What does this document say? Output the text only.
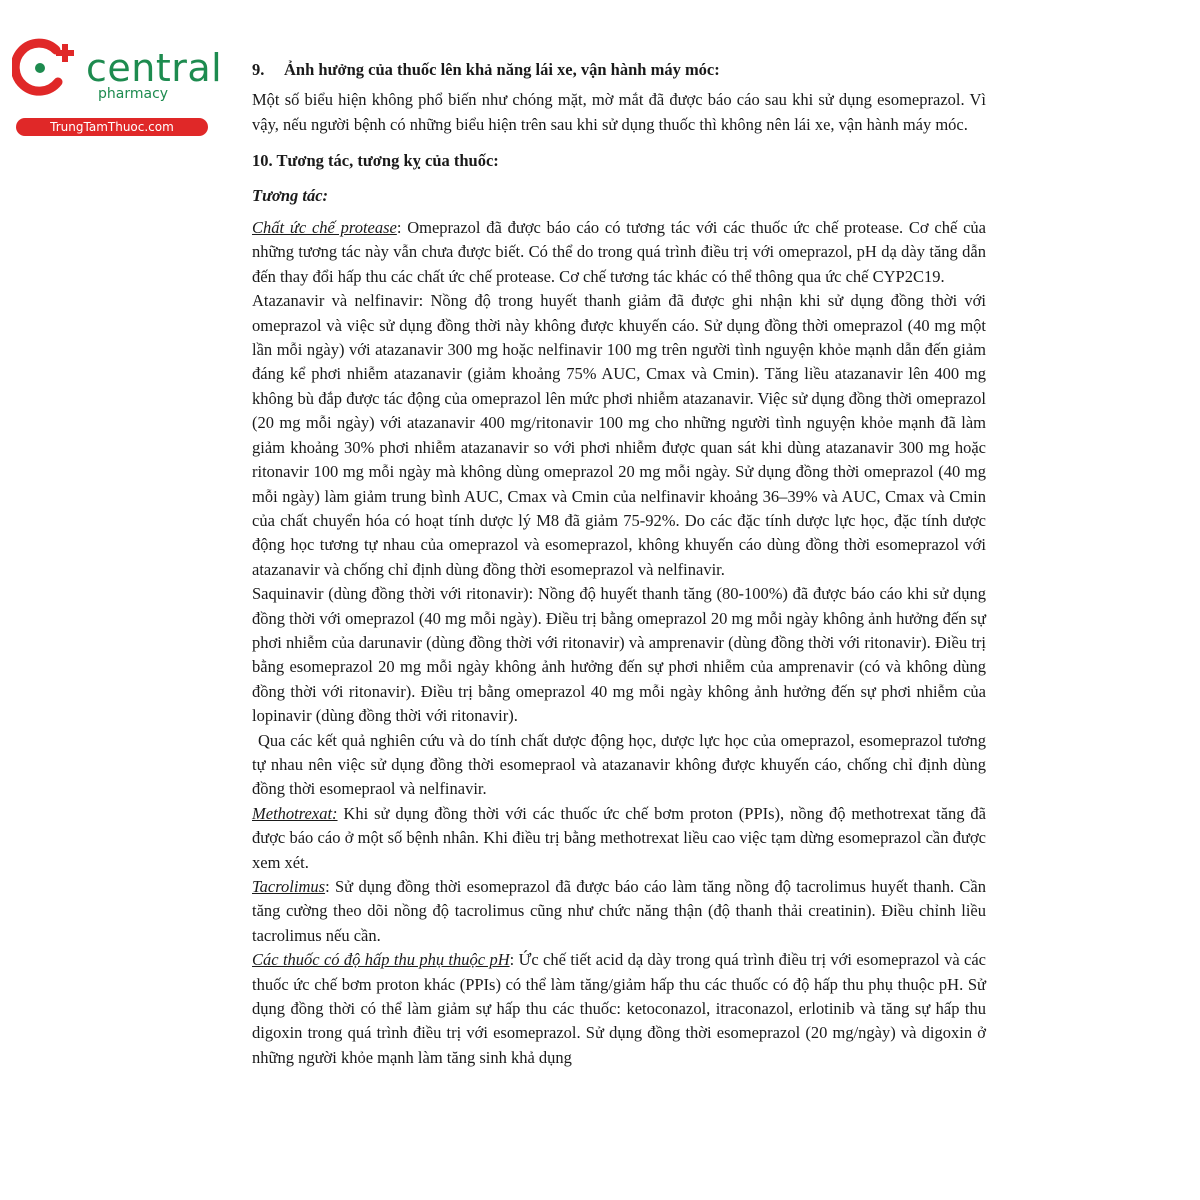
central
pharmacy
TrungTamThuoc.com
9. Ảnh hưởng của thuốc lên khả năng lái xe, vận hành máy móc:

Một số biểu hiện không phổ biến như chóng mặt, mờ mắt đã được báo cáo sau khi sử dụng esomeprazol. Vì vậy, nếu người bệnh có những biểu hiện trên sau khi sử dụng thuốc thì không nên lái xe, vận hành máy móc.

10. Tương tác, tương kỵ của thuốc:

Tương tác:

Chất ức chế protease: Omeprazol đã được báo cáo có tương tác với các thuốc ức chế protease. Cơ chế của những tương tác này vẫn chưa được biết. Có thể do trong quá trình điều trị với omeprazol, pH dạ dày tăng dẫn đến thay đổi hấp thu các chất ức chế protease. Cơ chế tương tác khác có thể thông qua ức chế CYP2C19.

Atazanavir và nelfinavir: Nồng độ trong huyết thanh giảm đã được ghi nhận khi sử dụng đồng thời với omeprazol và việc sử dụng đồng thời này không được khuyến cáo. Sử dụng đồng thời omeprazol (40 mg một lần mỗi ngày) với atazanavir 300 mg hoặc nelfinavir 100 mg trên người tình nguyện khỏe mạnh dẫn đến giảm đáng kể phơi nhiễm atazanavir (giảm khoảng 75% AUC, Cmax và Cmin). Tăng liều atazanavir lên 400 mg không bù đắp được tác động của omeprazol lên mức phơi nhiễm atazanavir. Việc sử dụng đồng thời omeprazol (20 mg mỗi ngày) với atazanavir 400 mg/ritonavir 100 mg cho những người tình nguyện khỏe mạnh đã làm giảm khoảng 30% phơi nhiễm atazanavir so với phơi nhiễm được quan sát khi dùng atazanavir 300 mg hoặc ritonavir 100 mg mỗi ngày mà không dùng omeprazol 20 mg mỗi ngày. Sử dụng đồng thời omeprazol (40 mg mỗi ngày) làm giảm trung bình AUC, Cmax và Cmin của nelfinavir khoảng 36–39% và AUC, Cmax và Cmin của chất chuyển hóa có hoạt tính dược lý M8 đã giảm 75-92%. Do các đặc tính dược lực học, đặc tính dược động học tương tự nhau của omeprazol và esomeprazol, không khuyến cáo dùng đồng thời esomeprazol với atazanavir và chống chỉ định dùng đồng thời esomeprazol và nelfinavir.

Saquinavir (dùng đồng thời với ritonavir): Nồng độ huyết thanh tăng (80-100%) đã được báo cáo khi sử dụng đồng thời với omeprazol (40 mg mỗi ngày). Điều trị bằng omeprazol 20 mg mỗi ngày không ảnh hưởng đến sự phơi nhiễm của darunavir (dùng đồng thời với ritonavir) và amprenavir (dùng đồng thời với ritonavir). Điều trị bằng esomeprazol 20 mg mỗi ngày không ảnh hưởng đến sự phơi nhiễm của amprenavir (có và không dùng đồng thời với ritonavir). Điều trị bằng omeprazol 40 mg mỗi ngày không ảnh hưởng đến sự phơi nhiễm của lopinavir (dùng đồng thời với ritonavir).

Qua các kết quả nghiên cứu và do tính chất dược động học, dược lực học của omeprazol, esomeprazol tương tự nhau nên việc sử dụng đồng thời esomepraol và atazanavir không được khuyến cáo, chống chỉ định dùng đồng thời esomepraol và nelfinavir.

Methotrexat: Khi sử dụng đồng thời với các thuốc ức chế bơm proton (PPIs), nồng độ methotrexat tăng đã được báo cáo ở một số bệnh nhân. Khi điều trị bằng methotrexat liều cao việc tạm dừng esomeprazol cần được xem xét.

Tacrolimus: Sử dụng đồng thời esomeprazol đã được báo cáo làm tăng nồng độ tacrolimus huyết thanh. Cần tăng cường theo dõi nồng độ tacrolimus cũng như chức năng thận (độ thanh thải creatinin). Điều chỉnh liều tacrolimus nếu cần.

Các thuốc có độ hấp thu phụ thuộc pH: Ức chế tiết acid dạ dày trong quá trình điều trị với esomeprazol và các thuốc ức chế bơm proton khác (PPIs) có thể làm tăng/giảm hấp thu các thuốc có độ hấp thu phụ thuộc pH. Sử dụng đồng thời có thể làm giảm sự hấp thu các thuốc: ketoconazol, itraconazol, erlotinib và tăng sự hấp thu digoxin trong quá trình điều trị với esomeprazol. Sử dụng đồng thời esomeprazol (20 mg/ngày) và digoxin ở những người khỏe mạnh làm tăng sinh khả dụng
